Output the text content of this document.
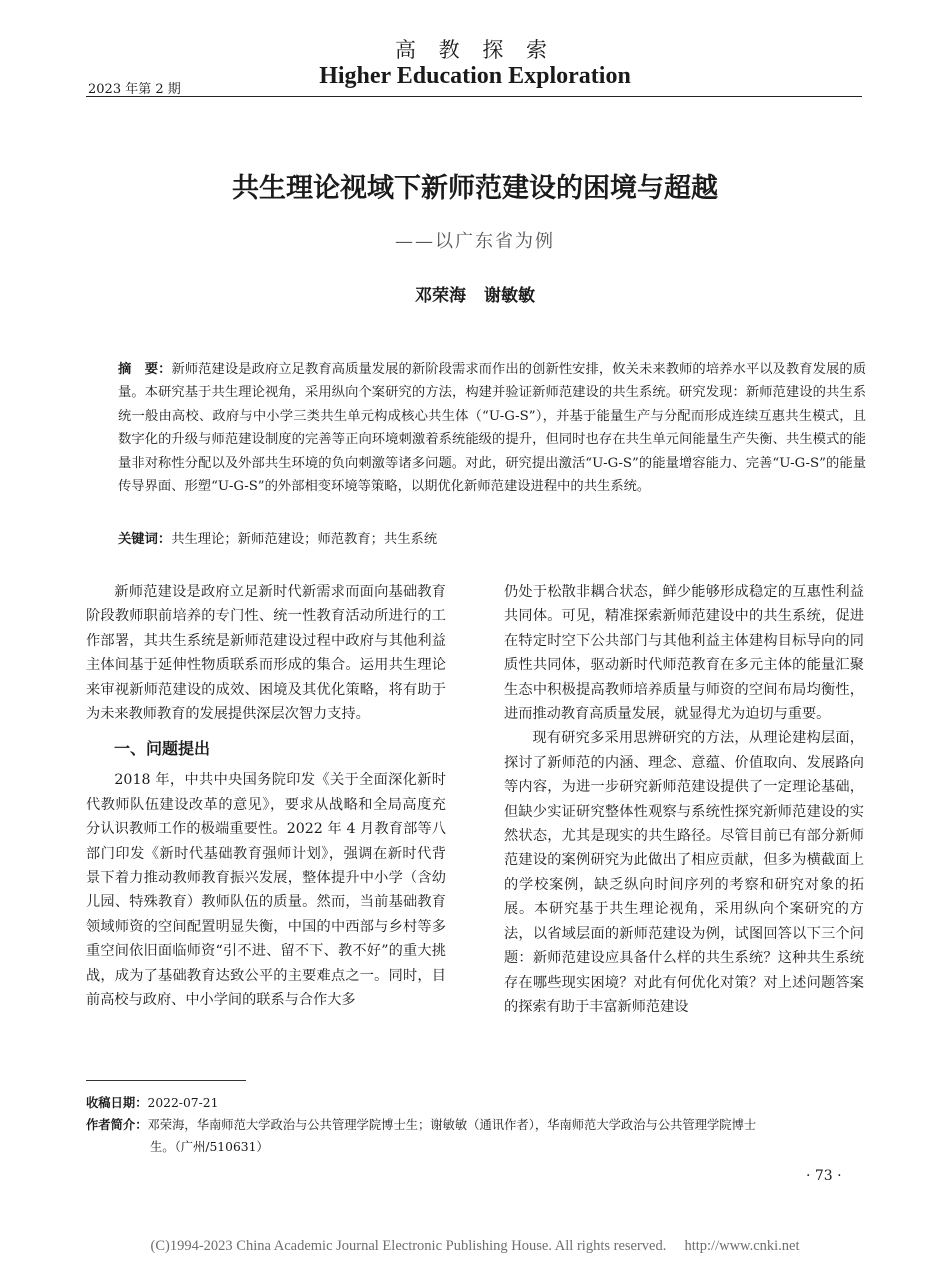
高 教 探 索
2023 年第 2 期
Higher Education Exploration
共生理论视域下新师范建设的困境与超越
——以广东省为例
邓荣海 谢敏敏
摘　要：新师范建设是政府立足教育高质量发展的新阶段需求而作出的创新性安排，攸关未来教师的培养水平以及教育发展的质量。本研究基于共生理论视角，采用纵向个案研究的方法，构建并验证新师范建设的共生系统。研究发现：新师范建设的共生系统一般由高校、政府与中小学三类共生单元构成核心共生体（“U-G-S”），并基于能量生产与分配而形成连续互惠共生模式，且数字化的升级与师范建设制度的完善等正向环境刺激着系统能级的提升，但同时也存在共生单元间能量生产失衡、共生模式的能量非对称性分配以及外部共生环境的负向刺激等诸多问题。对此，研究提出激活“U-G-S”的能量增容能力、完善“U-G-S”的能量传导界面、形塑“U-G-S”的外部相变环境等策略，以期优化新师范建设进程中的共生系统。
关键词：共生理论；新师范建设；师范教育；共生系统

新师范建设是政府立足新时代新需求而面向基础教育阶段教师职前培养的专门性、统一性教育活动所进行的工作部署，其共生系统是新师范建设过程中政府与其他利益主体间基于延伸性物质联系而形成的集合。运用共生理论来审视新师范建设的成效、困境及其优化策略，将有助于为未来教师教育的发展提供深层次智力支持。

一、问题提出

2018 年，中共中央国务院印发《关于全面深化新时代教师队伍建设改革的意见》，要求从战略和全局高度充分认识教师工作的极端重要性。2022 年 4 月教育部等八部门印发《新时代基础教育强师计划》，强调在新时代背景下着力推动教师教育振兴发展，整体提升中小学（含幼儿园、特殊教育）教师队伍的质量。然而，当前基础教育领域师资的空间配置明显失衡，中国的中西部与乡村等多重空间依旧面临师资“引不进、留不下、教不好”的重大挑战，成为了基础教育达致公平的主要难点之一。同时，目前高校与政府、中小学间的联系与合作大多

仍处于松散非耦合状态，鲜少能够形成稳定的互惠性利益共同体。可见，精准探索新师范建设中的共生系统，促进在特定时空下公共部门与其他利益主体建构目标导向的同质性共同体，驱动新时代师范教育在多元主体的能量汇聚生态中积极提高教师培养质量与师资的空间布局均衡性，进而推动教育高质量发展，就显得尤为迫切与重要。

现有研究多采用思辨研究的方法，从理论建构层面，探讨了新师范的内涵、理念、意蕴、价值取向、发展路向等内容，为进一步研究新师范建设提供了一定理论基础，但缺少实证研究整体性观察与系统性探究新师范建设的实然状态，尤其是现实的共生路径。尽管目前已有部分新师范建设的案例研究为此做出了相应贡献，但多为横截面上的学校案例，缺乏纵向时间序列的考察和研究对象的拓展。本研究基于共生理论视角，采用纵向个案研究的方法，以省域层面的新师范建设为例，试图回答以下三个问题：新师范建设应具备什么样的共生系统？这种共生系统存在哪些现实困境？对此有何优化对策？对上述问题答案的探索有助于丰富新师范建设

收稿日期：2022-07-21
作者简介：邓荣海，华南师范大学政治与公共管理学院博士生；谢敏敏（通讯作者），华南师范大学政治与公共管理学院博士
生。（广州/510631）
· 73 ·
(C)1994-2023 China Academic Journal Electronic Publishing House. All rights reserved.　 http://www.cnki.net
